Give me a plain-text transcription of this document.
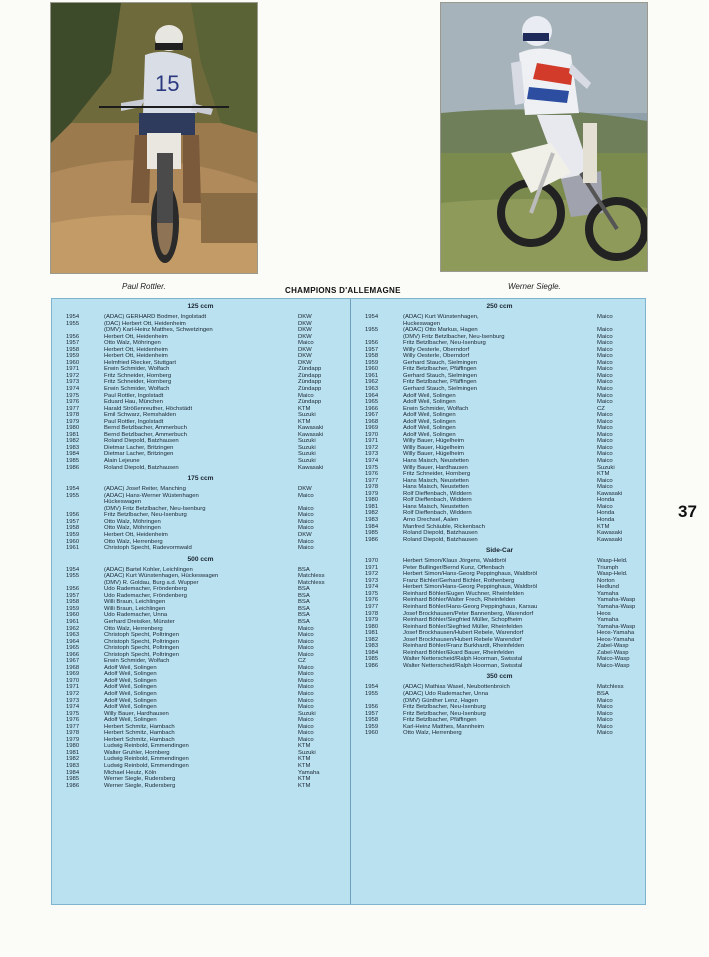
15
Paul Rottler.	CHAMPIONS D'ALLEMAGNE	Werner Siegle.
37
125 ccm
1954	(ADAC) GERHARD Bodmer, Ingolstadt	DKW
1955	(DAC) Herbert Ott, Heidenheim	DKW
(DMV) Karl-Heinz Matthes, Schwetzingen	DKW
1956	Herbert Ott, Heidenheim	DKW
1957	Otto Walz, Möhringen	Maico
1958	Herbert Ott, Heidenheim	DKW
1959	Herbert Ott, Heidenheim	DKW
1960	Helmfried Riecker, Stuttgart	DKW
1971	Erwin Schmider, Wolfach	Zündapp
1972	Fritz Schneider, Hornberg	Zündapp
1973	Fritz Schneider, Hornberg	Zündapp
1974	Erwin Schmider, Wolfach	Zündapp
1975	Paul Rottler, Ingolstadt	Maico
1976	Eduard Hau, München	Zündapp
1977	Harald Strößenreuther, Höchstädt	KTM
1978	Emil Schwarz, Remshalden	Suzuki
1979	Paul Rottler, Ingolstadt	KTM
1980	Bernd Betzlbacher, Ammerbuch	Kawasaki
1981	Bernd Betzlbacher, Ammerbuch	Kawasaki
1982	Roland Diepold, Batzhausen	Suzuki
1983	Dietmar Lacher, Britzingen	Suzuki
1984	Dietmar Lacher, Britzingen	Suzuki
1985	Alain Lejeune	Suzuki
1986	Roland Diepold, Batzhausen	Kawasaki
175 ccm
1954	(ADAC) Josef Reiter, Manching	DKW
1955	(ADAC) Hans-Werner Wüstenhagen	Maico
Hückeswagen
(DMV) Fritz Betzlbacher, Neu-Isenburg	Maico
1956	Fritz Betzlbacher, Neu-Isenburg	Maico
1957	Otto Walz, Möhringen	Maico
1958	Otto Walz, Möhringen	Maico
1959	Herbert Ott, Heidenheim	DKW
1960	Otto Walz, Herrenberg	Maico
1961	Christoph Specht, Radevormwald	Maico
500 ccm
1954	(ADAC) Bartel Kohler, Leichlingen	BSA
1955	(ADAC) Kurt Wünstenhagen, Hückeswagen	Matchless
(DMV) R. Goldau, Burg a.d. Wupper	Matchless
1956	Udo Rademacher, Fröndenberg	BSA
1957	Udo Rademacher, Fröndenberg	BSA
1958	Willi Braun, Leichlingen	BSA
1959	Willi Braun, Leichlingen	BSA
1960	Udo Rademacher, Unna	BSA
1961	Gerhard Dreisiker, Münster	BSA
1962	Otto Walz, Herrenberg	Maico
1963	Christoph Specht, Poltringen	Maico
1964	Christoph Specht, Poltringen	Maico
1965	Christoph Specht, Poltringen	Maico
1966	Christoph Specht, Poltringen	Maico
1967	Erwin Schmider, Wolfach	CZ
1968	Adolf Weil, Solingen	Maico
1969	Adolf Weil, Solingen	Maico
1970	Adolf Weil, Solingen	Maico
1971	Adolf Weil, Solingen	Maico
1972	Adolf Weil, Solingen	Maico
1973	Adolf Weil, Solingen	Maico
1974	Adolf Weil, Solingen	Maico
1975	Willy Bauer, Hardhausen	Suzuki
1976	Adolf Weil, Solingen	Maico
1977	Herbert Schmitz, Hambach	Maico
1978	Herbert Schmitz, Hambach	Maico
1979	Herbert Schmitz, Hambach	Maico
1980	Ludwig Reinbold, Emmendingen	KTM
1981	Walter Gruhler, Hornberg	Suzuki
1982	Ludwig Reinbold, Emmendingen	KTM
1983	Ludwig Reinbold, Emmendingen	KTM
1984	Michael Heutz, Köln	Yamaha
1985	Werner Siegle, Rudersberg	KTM
1986	Werner Siegle, Rudersberg	KTM
250 ccm
1954	(ADAC) Kurt Wünstenhagen,	Maico
Huckeswagen
1955	(ADAC) Otto Markus, Hagen	Maico
(DMV) Fritz Betzlbacher, Neu-Isenburg	Maico
1956	Fritz Betzlbacher, Neu-Isenburg	Maico
1957	Willy Oesterle, Oberndorf	Maico
1958	Willy Oesterle, Oberndorf	Maico
1959	Gerhard Stauch, Sielmingen	Maico
1960	Fritz Betzlbacher, Pfäffingen	Maico
1961	Gerhard Stauch, Sielmingen	Maico
1962	Fritz Betzlbacher, Pfäffingen	Maico
1963	Gerhard Stauch, Sielmingen	Maico
1964	Adolf Weil, Solingen	Maico
1965	Adolf Weil, Solingen	Maico
1966	Erwin Schmider, Wolfach	CZ
1967	Adolf Weil, Solingen	Maico
1968	Adolf Weil, Solingen	Maico
1969	Adolf Weil, Solingen	Maico
1970	Adolf Weil, Solingen	Maico
1971	Willy Bauer, Hügelheim	Maico
1972	Willy Bauer, Hügelheim	Maico
1973	Willy Bauer, Hügelheim	Maico
1974	Hans Maisch, Neustetten	Maico
1975	Willy Bauer, Hardhausen	Suzuki
1976	Fritz Schneider, Hornberg	KTM
1977	Hans Maisch, Neustetten	Maico
1978	Hans Maisch, Neustetten	Maico
1979	Rolf Dieffenbach, Widdern	Kawasaki
1980	Rolf Dieffenbach, Widdern	Honda
1981	Hans Maisch, Neustetten	Maico
1982	Rolf Dieffenbach, Widdern	Honda
1983	Arno Drechsel, Aalen	Honda
1984	Manfred Schäuble, Rickenbach	KTM
1985	Roland Diepold, Batzhausen	Kawasaki
1986	Roland Diepold, Batzhausen	Kawasaki
Side-Car
1970	Herbert Simon/Klaus Jörgens, Waldbröl	Wasp-Held.
1971	Peter Bullinger/Bernd Kunz, Offenbach	Triumph
1972	Herbert Simon/Hans-Georg Peppinghaus, Waldbröl	Wasp-Held.
1973	Franz Bichler/Gerhard Bichler, Rothenberg	Norton
1974	Herbert Simon/Hans-Georg Peppinghaus, Waldbröl	Hedlund
1975	Reinhard Böhler/Eugen Wuchner, Rheinfelden	Yamaha
1976	Reinhard Böhler/Walter Frech, Rheinfelden	Yamaha-Wasp
1977	Reinhard Böhler/Hans-Georg Peppinghaus, Karsau	Yamaha-Wasp
1978	Josef Brockhausen/Peter Bannenberg, Warendorf	Heos
1979	Reinhard Böhler/Siegfried Müller, Schopfheim	Yamaha
1980	Reinhard Böhler/Siegfried Müller, Rheinfelden	Yamaha-Wasp
1981	Josef Brockhausen/Hubert Rebele, Warendorf	Heos-Yamaha
1982	Josef Brockhausen/Hubert Rebele Warendorf	Heos-Yamaha
1983	Reinhard Böhler/Franz Burkhardt, Rheinfelden	Zabel-Wasp
1984	Reinhard Böhler/Ekard Bauer, Rheinfelden	Zabel-Wasp
1985	Walter Netterscheid/Ralph Hoorman, Swisstal	Maico-Wasp
1986	Walter Netterscheid/Ralph Hoorman, Swisstal	Maico-Wasp
350 ccm
1954	(ADAC) Mathias Wasel, Neubottenbroich	Matchless
1955	(ADAC) Udo Rademacher, Unna	BSA
(DMV) Günther Lenz, Hagen	Maico
1956	Fritz Betzlbacher, Neu-Isenburg	Maico
1957	Fritz Betzlbacher, Neu-Isenburg	Maico
1958	Fritz Betzlbacher, Pfäffingen	Maico
1959	Karl-Heinz Matthes, Mannheim	Maico
1960	Otto Walz, Herrenberg	Maico
